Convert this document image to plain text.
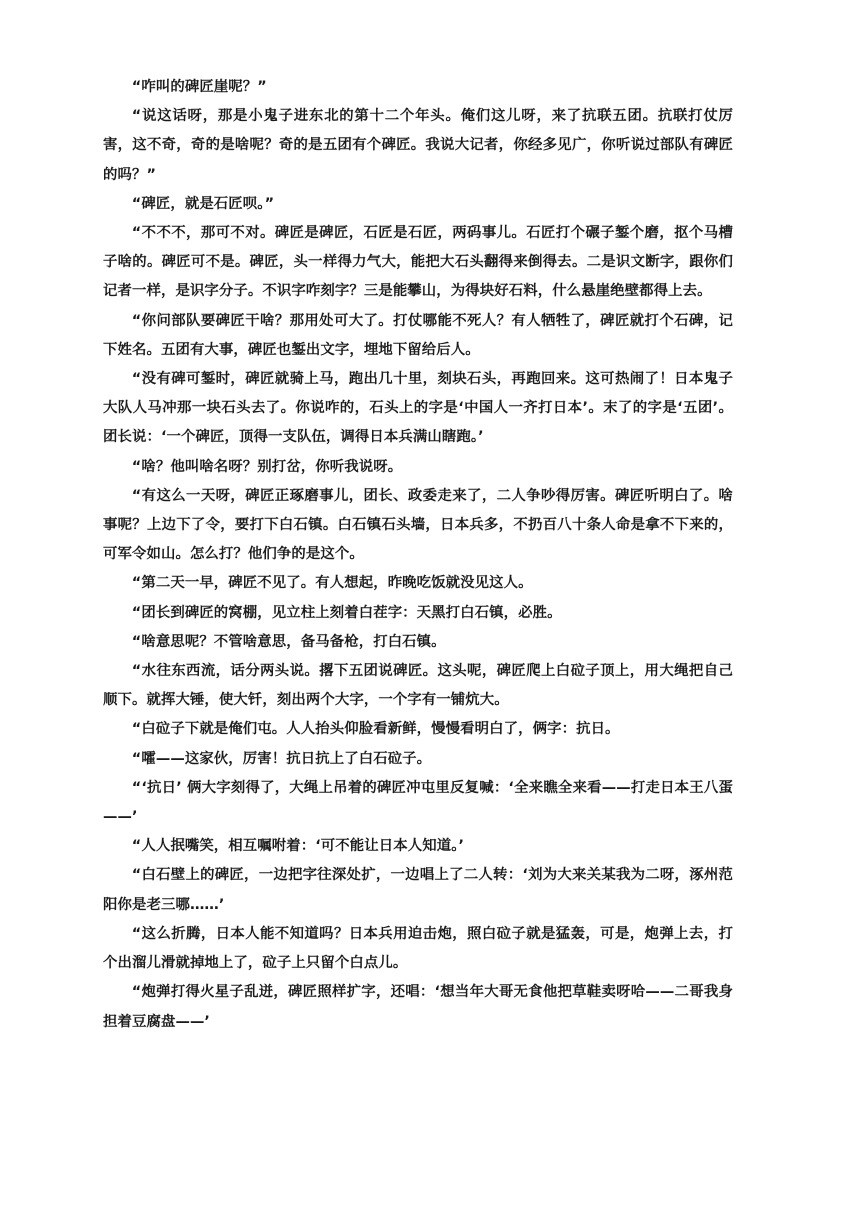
“咋叫的碑匠崖呢？”

“说这话呀，那是小鬼子进东北的第十二个年头。俺们这儿呀，来了抗联五团。抗联打仗厉害，这不奇，奇的是啥呢？奇的是五团有个碑匠。我说大记者，你经多见广，你听说过部队有碑匠的吗？”

“碑匠，就是石匠呗。”

“不不不，那可不对。碑匠是碑匠，石匠是石匠，两码事儿。石匠打个碾子錾个磨，抠个马槽子啥的。碑匠可不是。碑匠，头一样得力气大，能把大石头翻得来倒得去。二是识文断字，跟你们记者一样，是识字分子。不识字咋刻字？三是能攀山，为得块好石料，什么悬崖绝壁都得上去。

“你问部队要碑匠干啥？那用处可大了。打仗哪能不死人？有人牺牲了，碑匠就打个石碑，记下姓名。五团有大事，碑匠也錾出文字，埋地下留给后人。

“没有碑可錾时，碑匠就骑上马，跑出几十里，刻块石头，再跑回来。这可热闹了！日本鬼子大队人马冲那一块石头去了。你说咋的，石头上的字是‘中国人一齐打日本’。末了的字是‘五团’。团长说：‘一个碑匠，顶得一支队伍，调得日本兵满山瞎跑。’

“啥？他叫啥名呀？别打岔，你听我说呀。

“有这么一天呀，碑匠正琢磨事儿，团长、政委走来了，二人争吵得厉害。碑匠听明白了。啥事呢？上边下了令，要打下白石镇。白石镇石头墙，日本兵多，不扔百八十条人命是拿不下来的，可军令如山。怎么打？他们争的是这个。

“第二天一早，碑匠不见了。有人想起，昨晚吃饭就没见这人。

“团长到碑匠的窝棚，见立柱上刻着白茬字：天黑打白石镇，必胜。

“啥意思呢？不管啥意思，备马备枪，打白石镇。

“水往东西流，话分两头说。撂下五团说碑匠。这头呢，碑匠爬上白砬子顶上，用大绳把自己顺下。就挥大锤，使大钎，刻出两个大字，一个字有一铺炕大。

“白砬子下就是俺们屯。人人抬头仰脸看新鲜，慢慢看明白了，俩字：抗日。

“嚯——这家伙，厉害！抗日抗上了白石砬子。

“‘抗日’ 俩大字刻得了，大绳上吊着的碑匠冲屯里反复喊：‘全来瞧全来看——打走日本王八蛋——’

“人人抿嘴笑，相互嘱咐着：‘可不能让日本人知道。’

“白石壁上的碑匠，一边把字往深处扩，一边唱上了二人转：‘刘为大来关某我为二呀，涿州范阳你是老三哪……’

“这么折腾，日本人能不知道吗？日本兵用迫击炮，照白砬子就是猛轰，可是，炮弹上去，打个出溜儿滑就掉地上了，砬子上只留个白点儿。

“炮弹打得火星子乱迸，碑匠照样扩字，还唱：‘想当年大哥无食他把草鞋卖呀哈——二哥我身担着豆腐盘——’
